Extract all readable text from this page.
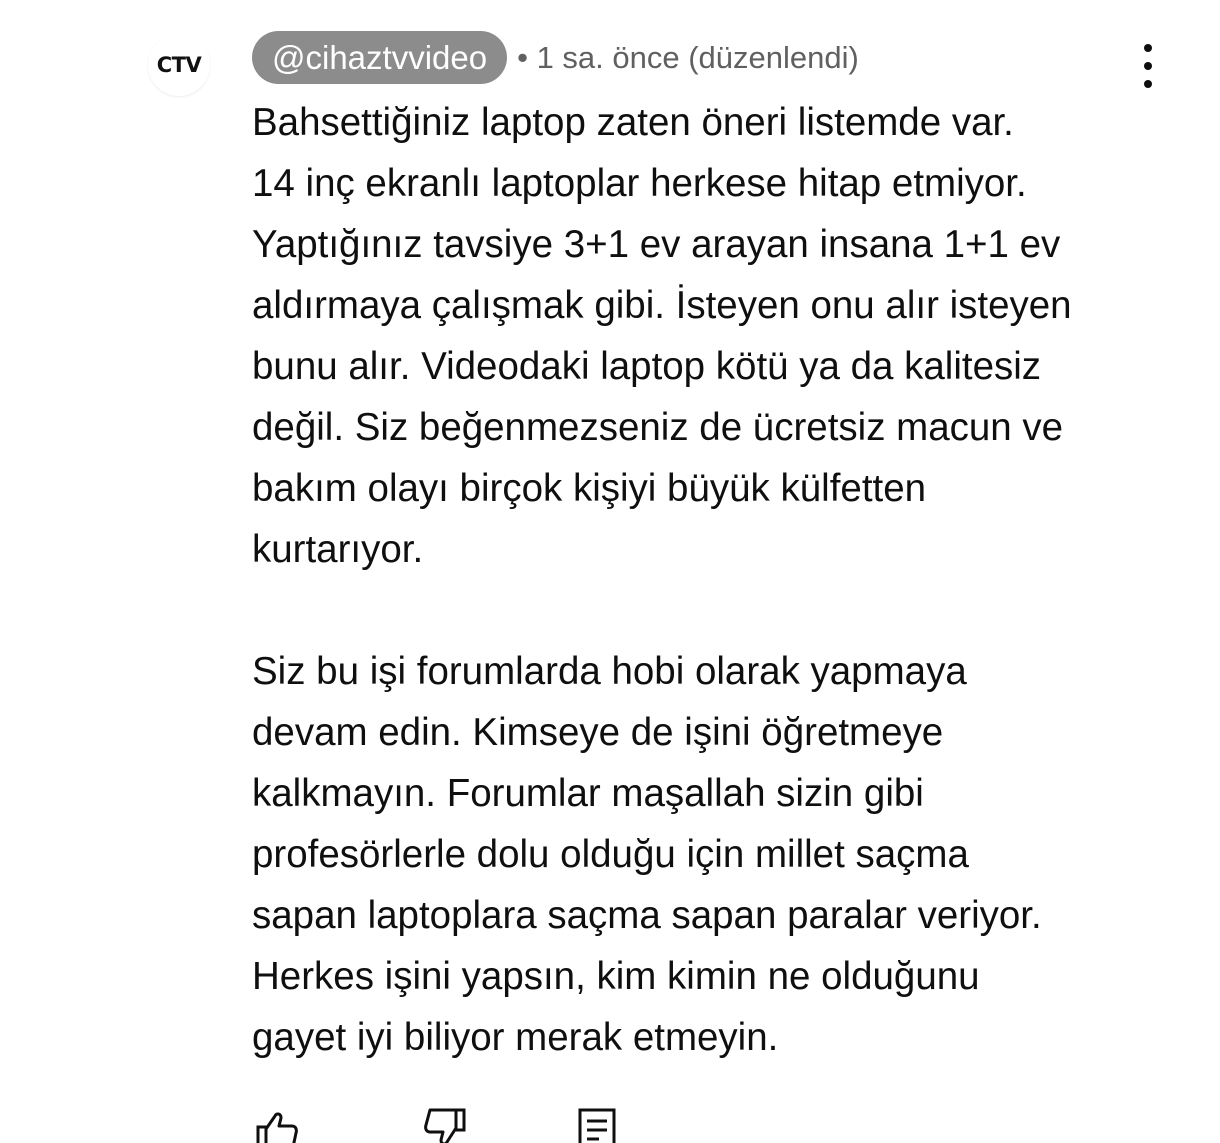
CTV	@cihaztvvideo • 1 sa. önce (düzenlendi)

Bahsettiğiniz laptop zaten öneri listemde var.
14 inç ekranlı laptoplar herkese hitap etmiyor.
Yaptığınız tavsiye 3+1 ev arayan insana 1+1 ev
aldırmaya çalışmak gibi. İsteyen onu alır isteyen
bunu alır. Videodaki laptop kötü ya da kalitesiz
değil. Siz beğenmezseniz de ücretsiz macun ve
bakım olayı birçok kişiyi büyük külfetten
kurtarıyor.

Siz bu işi forumlarda hobi olarak yapmaya
devam edin. Kimseye de işini öğretmeye
kalkmayın. Forumlar maşallah sizin gibi
profesörlerle dolu olduğu için millet saçma
sapan laptoplara saçma sapan paralar veriyor.
Herkes işini yapsın, kim kimin ne olduğunu
gayet iyi biliyor merak etmeyin.
